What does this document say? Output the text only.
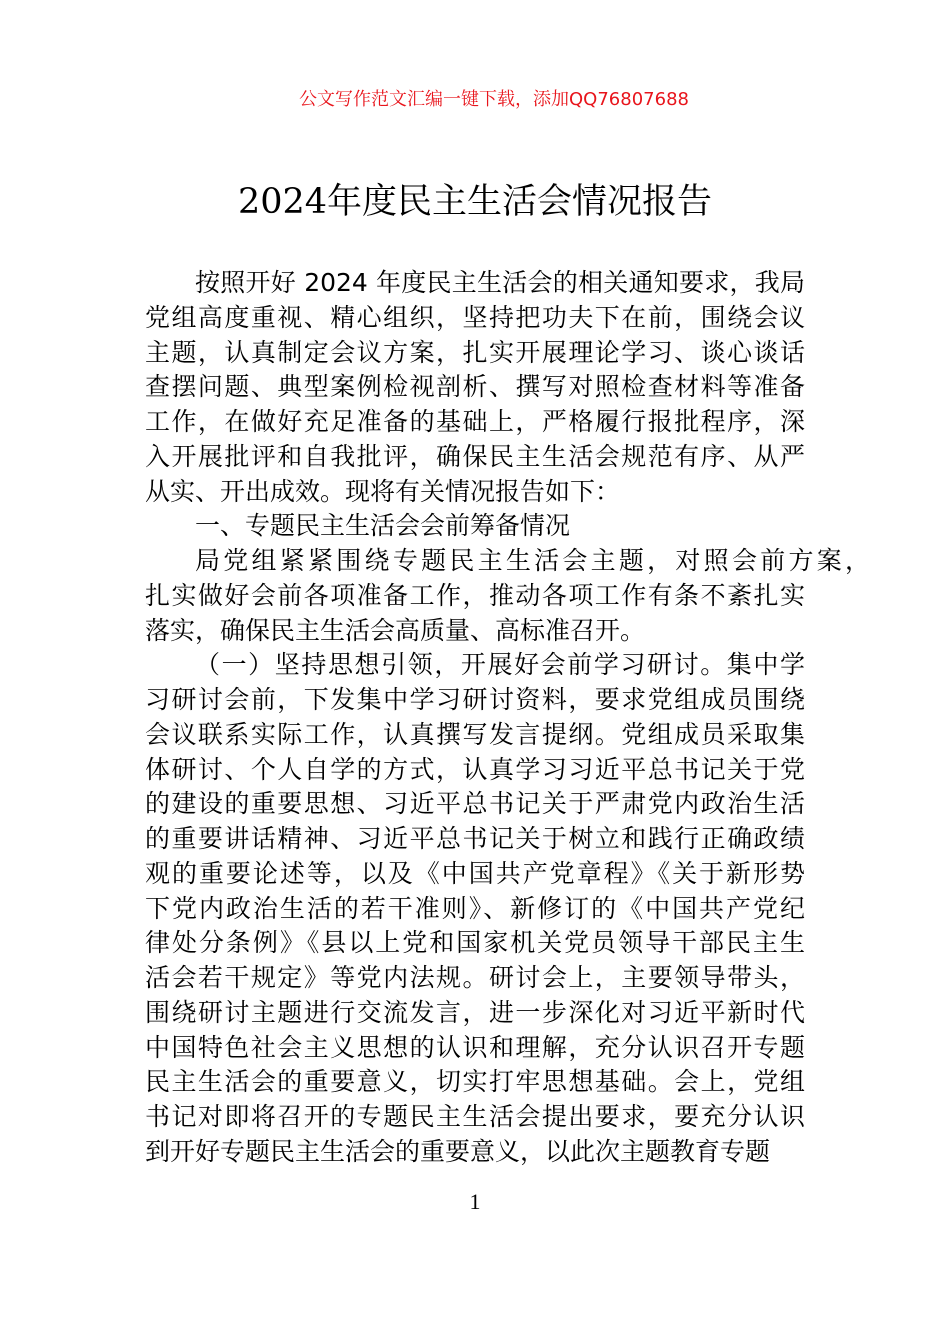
公文写作范文汇编一键下载，添加QQ76807688
2024年度民主生活会情况报告
按照开好 2024 年度民主生活会的相关通知要求，我局
党组高度重视、精心组织，坚持把功夫下在前，围绕会议
主题，认真制定会议方案，扎实开展理论学习、谈心谈话
查摆问题、典型案例检视剖析、撰写对照检查材料等准备
工作，在做好充足准备的基础上，严格履行报批程序，深
入开展批评和自我批评，确保民主生活会规范有序、从严
从实、开出成效。现将有关情况报告如下：
一、专题民主生活会会前筹备情况
局党组紧紧围绕专题民主生活会主题，对照会前方案，
扎实做好会前各项准备工作，推动各项工作有条不紊扎实
落实，确保民主生活会高质量、高标准召开。
（一）坚持思想引领，开展好会前学习研讨。集中学
习研讨会前，下发集中学习研讨资料，要求党组成员围绕
会议联系实际工作，认真撰写发言提纲。党组成员采取集
体研讨、个人自学的方式，认真学习习近平总书记关于党
的建设的重要思想、习近平总书记关于严肃党内政治生活
的重要讲话精神、习近平总书记关于树立和践行正确政绩
观的重要论述等，以及《中国共产党章程》《关于新形势
下党内政治生活的若干准则》、新修订的《中国共产党纪
律处分条例》《县以上党和国家机关党员领导干部民主生
活会若干规定》等党内法规。研讨会上，主要领导带头，
围绕研讨主题进行交流发言，进一步深化对习近平新时代
中国特色社会主义思想的认识和理解，充分认识召开专题
民主生活会的重要意义，切实打牢思想基础。会上，党组
书记对即将召开的专题民主生活会提出要求，要充分认识
到开好专题民主生活会的重要意义，以此次主题教育专题
1
